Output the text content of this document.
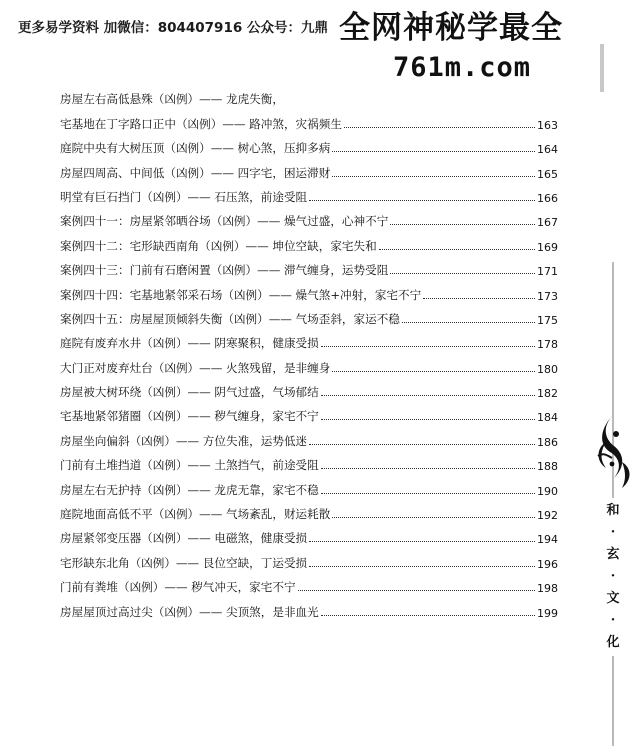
更多易学资料 加微信：804407916 公众号：九鼎 全网神秘学最全
761m.com
房屋左右高低悬殊（凶例）—— 龙虎失衡，
宅基地在丁字路口正中（凶例）—— 路冲煞，灾祸频生	163
庭院中央有大树压顶（凶例）—— 树心煞，压抑多病	164
房屋四周高、中间低（凶例）—— 四字宅，困运滞财	165
明堂有巨石挡门（凶例）—— 石压煞，前途受阻	166
案例四十一：房屋紧邻晒谷场（凶例）—— 燥气过盛，心神不宁	167
案例四十二：宅形缺西南角（凶例）—— 坤位空缺，家宅失和	169
案例四十三：门前有石磨闲置（凶例）—— 滞气缠身，运势受阻	171
案例四十四：宅基地紧邻采石场（凶例）—— 燥气煞+冲射，家宅不宁	173
案例四十五：房屋屋顶倾斜失衡（凶例）—— 气场歪斜，家运不稳	175
庭院有废弃水井（凶例）—— 阴寒聚积，健康受损	178
大门正对废弃灶台（凶例）—— 火煞残留，是非缠身	180
房屋被大树环绕（凶例）—— 阴气过盛，气场郁结	182
宅基地紧邻猪圈（凶例）—— 秽气缠身，家宅不宁	184
房屋坐向偏斜（凶例）—— 方位失准，运势低迷	186
门前有土堆挡道（凶例）—— 土煞挡气，前途受阻	188
房屋左右无护持（凶例）—— 龙虎无靠，家宅不稳	190
庭院地面高低不平（凶例）—— 气场紊乱，财运耗散	192
房屋紧邻变压器（凶例）—— 电磁煞，健康受损	194
宅形缺东北角（凶例）—— 艮位空缺，丁运受损	196
门前有粪堆（凶例）—— 秽气冲天，家宅不宁	198
房屋屋顶过高过尖（凶例）—— 尖顶煞，是非血光	199
和
·
玄
·
文
·
化
